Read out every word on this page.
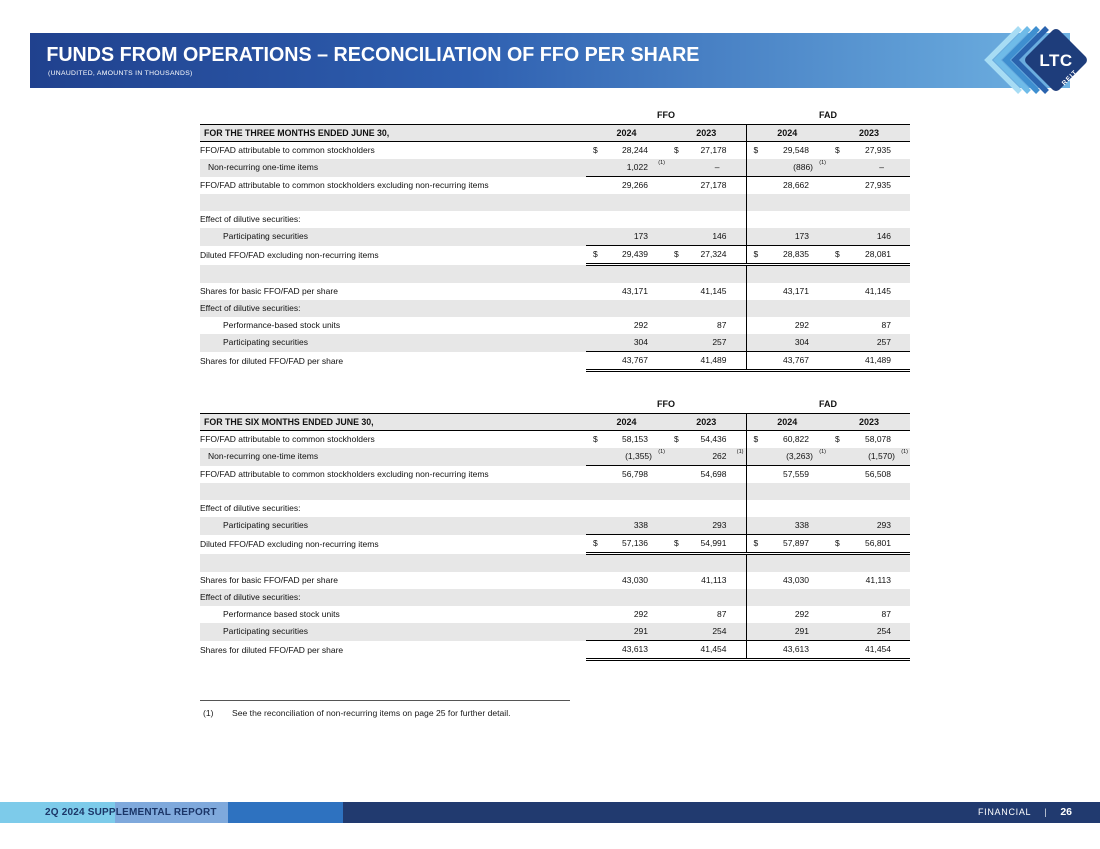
FUNDS FROM OPERATIONS – RECONCILIATION OF FFO PER SHARE
(UNAUDITED, AMOUNTS IN THOUSANDS)
LTC
REIT
	FFO		FAD	
FOR THE THREE MONTHS ENDED JUNE 30,	2024	2023	2024	2023
FFO/FAD attributable to common stockholders	$ 28,244	$ 27,178	$ 29,548	$ 27,935

Non-recurring one-time items	1,022 (1)	–	(886) (1)	–

FFO/FAD attributable to common stockholders excluding non-recurring items	29,266	27,178	28,662	27,935

Effect of dilutive securities:				
Participating securities	173	146	173	146

Diluted FFO/FAD excluding non-recurring items	$ 29,439	$ 27,324	$ 28,835	$ 28,081

Shares for basic FFO/FAD per share	43,171	41,145	43,171	41,145

Effect of dilutive securities:				
Performance-based stock units	292	87	292	87

Participating securities	304	257	304	257

Shares for diluted FFO/FAD per share	43,767	41,489	43,767	41,489
	FFO		FAD	
FOR THE SIX MONTHS ENDED JUNE 30,	2024	2023	2024	2023
FFO/FAD attributable to common stockholders	$ 58,153	$ 54,436	$ 60,822	$ 58,078

Non-recurring one-time items	(1,355) (1)	262 (1)	(3,263) (1)	(1,570) (1)

FFO/FAD attributable to common stockholders excluding non-recurring items	56,798	54,698	57,559	56,508

Effect of dilutive securities:				
Participating securities	338	293	338	293

Diluted FFO/FAD excluding non-recurring items	$ 57,136	$ 54,991	$ 57,897	$ 56,801

Shares for basic FFO/FAD per share	43,030	41,113	43,030	41,113

Effect of dilutive securities:				
Performance based stock units	292	87	292	87

Participating securities	291	254	291	254

Shares for diluted FFO/FAD per share	43,613	41,454	43,613	41,454
(1) See the reconciliation of non-recurring items on page 25 for further detail.
2Q 2024 SUPPLEMENTAL REPORT	FINANCIAL | 26
